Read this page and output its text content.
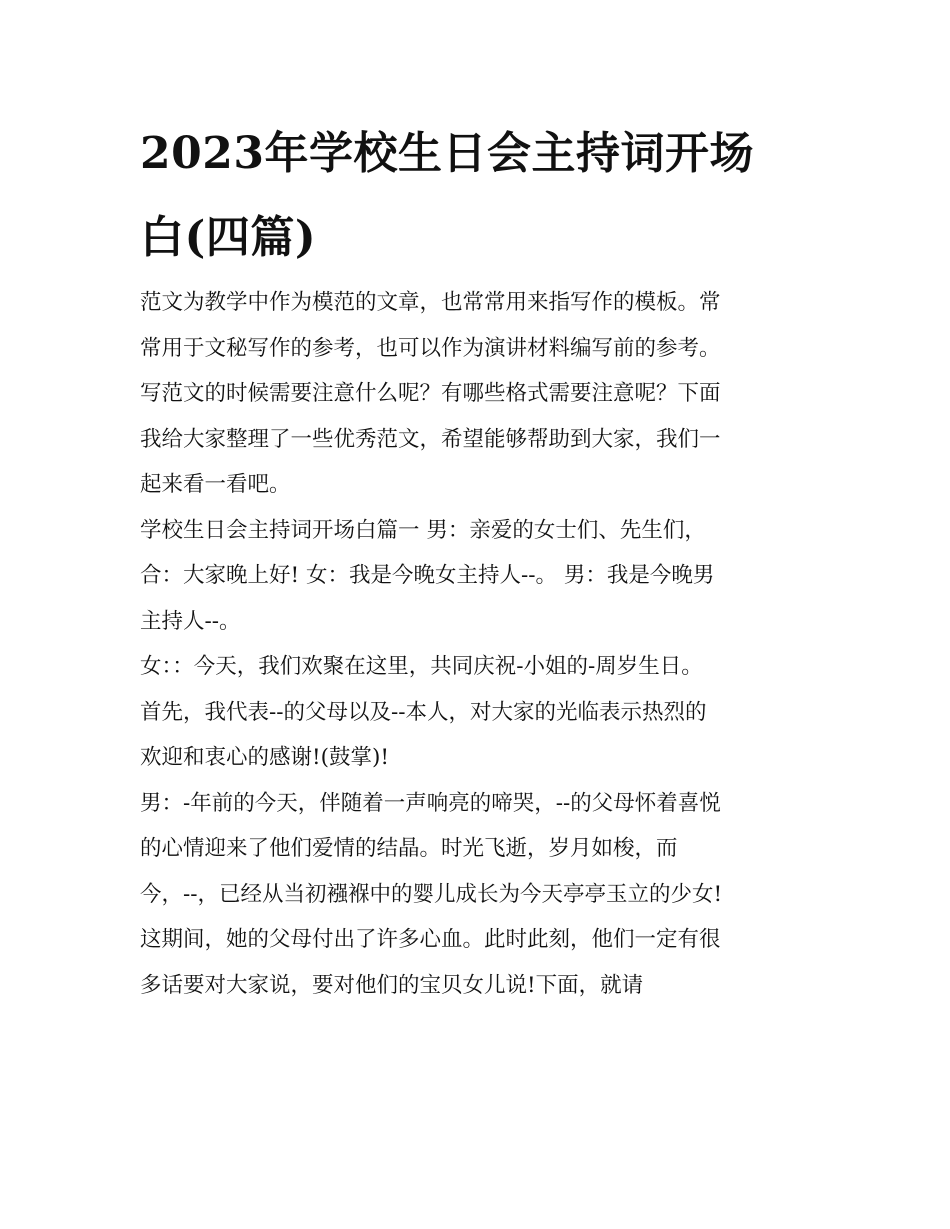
2023年学校生日会主持词开场
白(四篇)
范文为教学中作为模范的文章，也常常用来指写作的模板。常
常用于文秘写作的参考，也可以作为演讲材料编写前的参考。
写范文的时候需要注意什么呢？有哪些格式需要注意呢？下面
我给大家整理了一些优秀范文，希望能够帮助到大家，我们一
起来看一看吧。
学校生日会主持词开场白篇一 男：亲爱的女士们、先生们，
合：大家晚上好! 女：我是今晚女主持人--。 男：我是今晚男
主持人--。
女：：今天，我们欢聚在这里，共同庆祝-小姐的-周岁生日。
首先，我代表--的父母以及--本人，对大家的光临表示热烈的
欢迎和衷心的感谢!(鼓掌)!
男：-年前的今天，伴随着一声响亮的啼哭，--的父母怀着喜悦
的心情迎来了他们爱情的结晶。时光飞逝，岁月如梭，而
今，--，已经从当初襁褓中的婴儿成长为今天亭亭玉立的少女!
这期间，她的父母付出了许多心血。此时此刻，他们一定有很
多话要对大家说，要对他们的宝贝女儿说!下面，就请
